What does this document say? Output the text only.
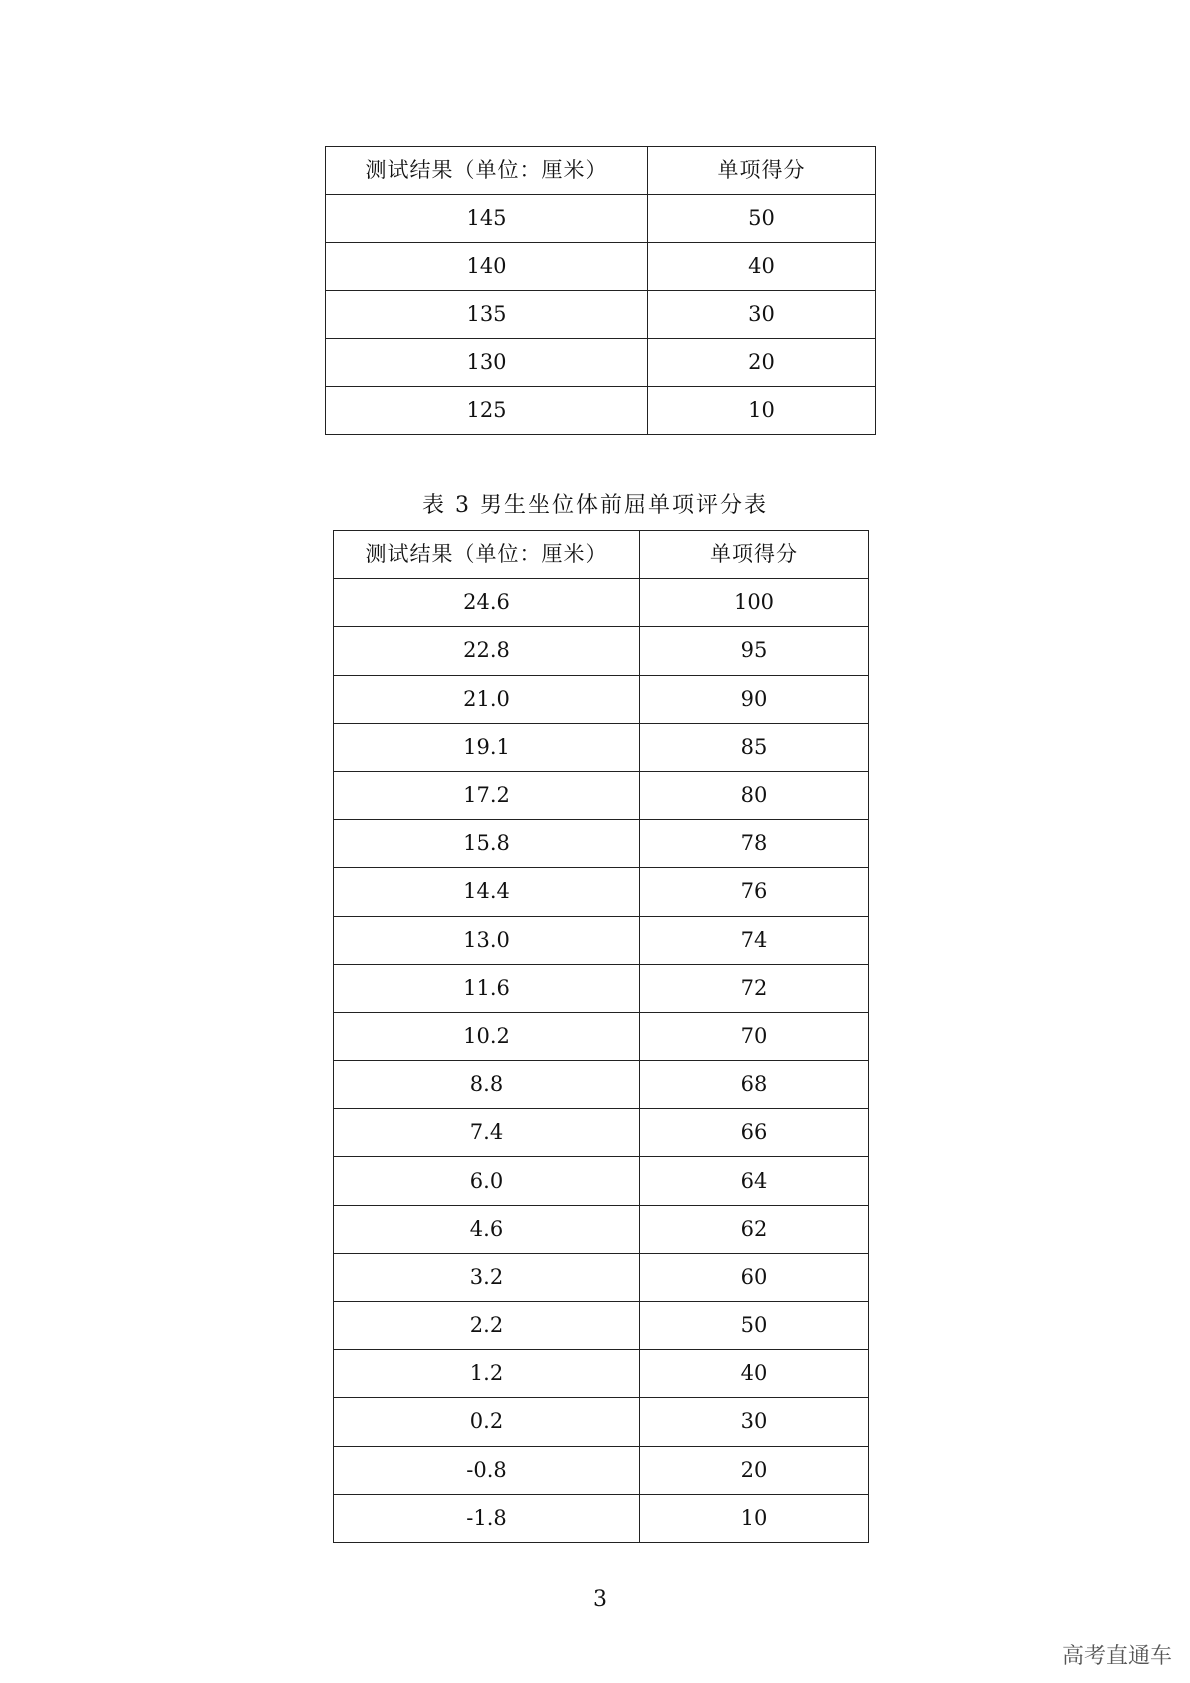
测试结果（单位：厘米）	单项得分
145	50
140	40
135	30
130	20
125	10
表 3 男生坐位体前屈单项评分表
测试结果（单位：厘米）	单项得分
24.6	100
22.8	95
21.0	90
19.1	85
17.2	80
15.8	78
14.4	76
13.0	74
11.6	72
10.2	70
8.8	68
7.4	66
6.0	64
4.6	62
3.2	60
2.2	50
1.2	40
0.2	30
-0.8	20
-1.8	10
3
高考直通车
